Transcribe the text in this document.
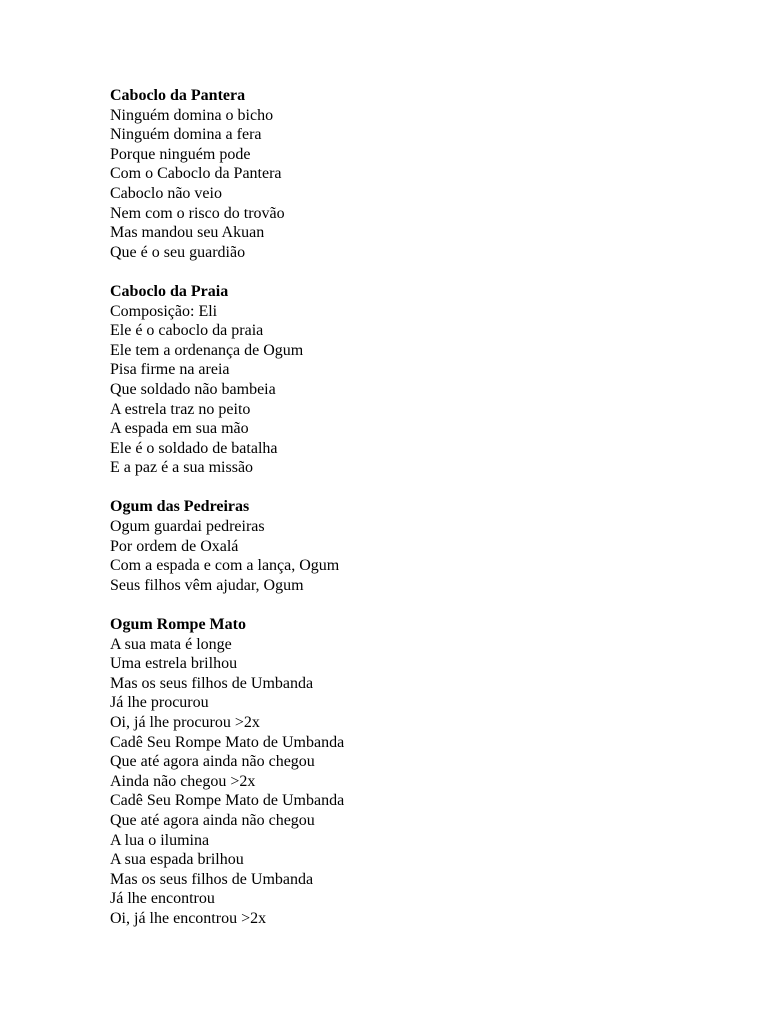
Caboclo da Pantera
Ninguém domina o bicho
Ninguém domina a fera
Porque ninguém pode
Com o Caboclo da Pantera
Caboclo não veio
Nem com o risco do trovão
Mas mandou seu Akuan
Que é o seu guardião
Caboclo da Praia
Composição: Eli
Ele é o caboclo da praia
Ele tem a ordenança de Ogum
Pisa firme na areia
Que soldado não bambeia
A estrela traz no peito
A espada em sua mão
Ele é o soldado de batalha
E a paz é a sua missão
Ogum das Pedreiras
Ogum guardai pedreiras
Por ordem de Oxalá
Com a espada e com a lança, Ogum
Seus filhos vêm ajudar, Ogum
Ogum Rompe Mato
A sua mata é longe
Uma estrela brilhou
Mas os seus filhos de Umbanda
Já lhe procurou
Oi, já lhe procurou >2x
Cadê Seu Rompe Mato de Umbanda
Que até agora ainda não chegou
Ainda não chegou >2x
Cadê Seu Rompe Mato de Umbanda
Que até agora ainda não chegou
A lua o ilumina
A sua espada brilhou
Mas os seus filhos de Umbanda
Já lhe encontrou
Oi, já lhe encontrou >2x
